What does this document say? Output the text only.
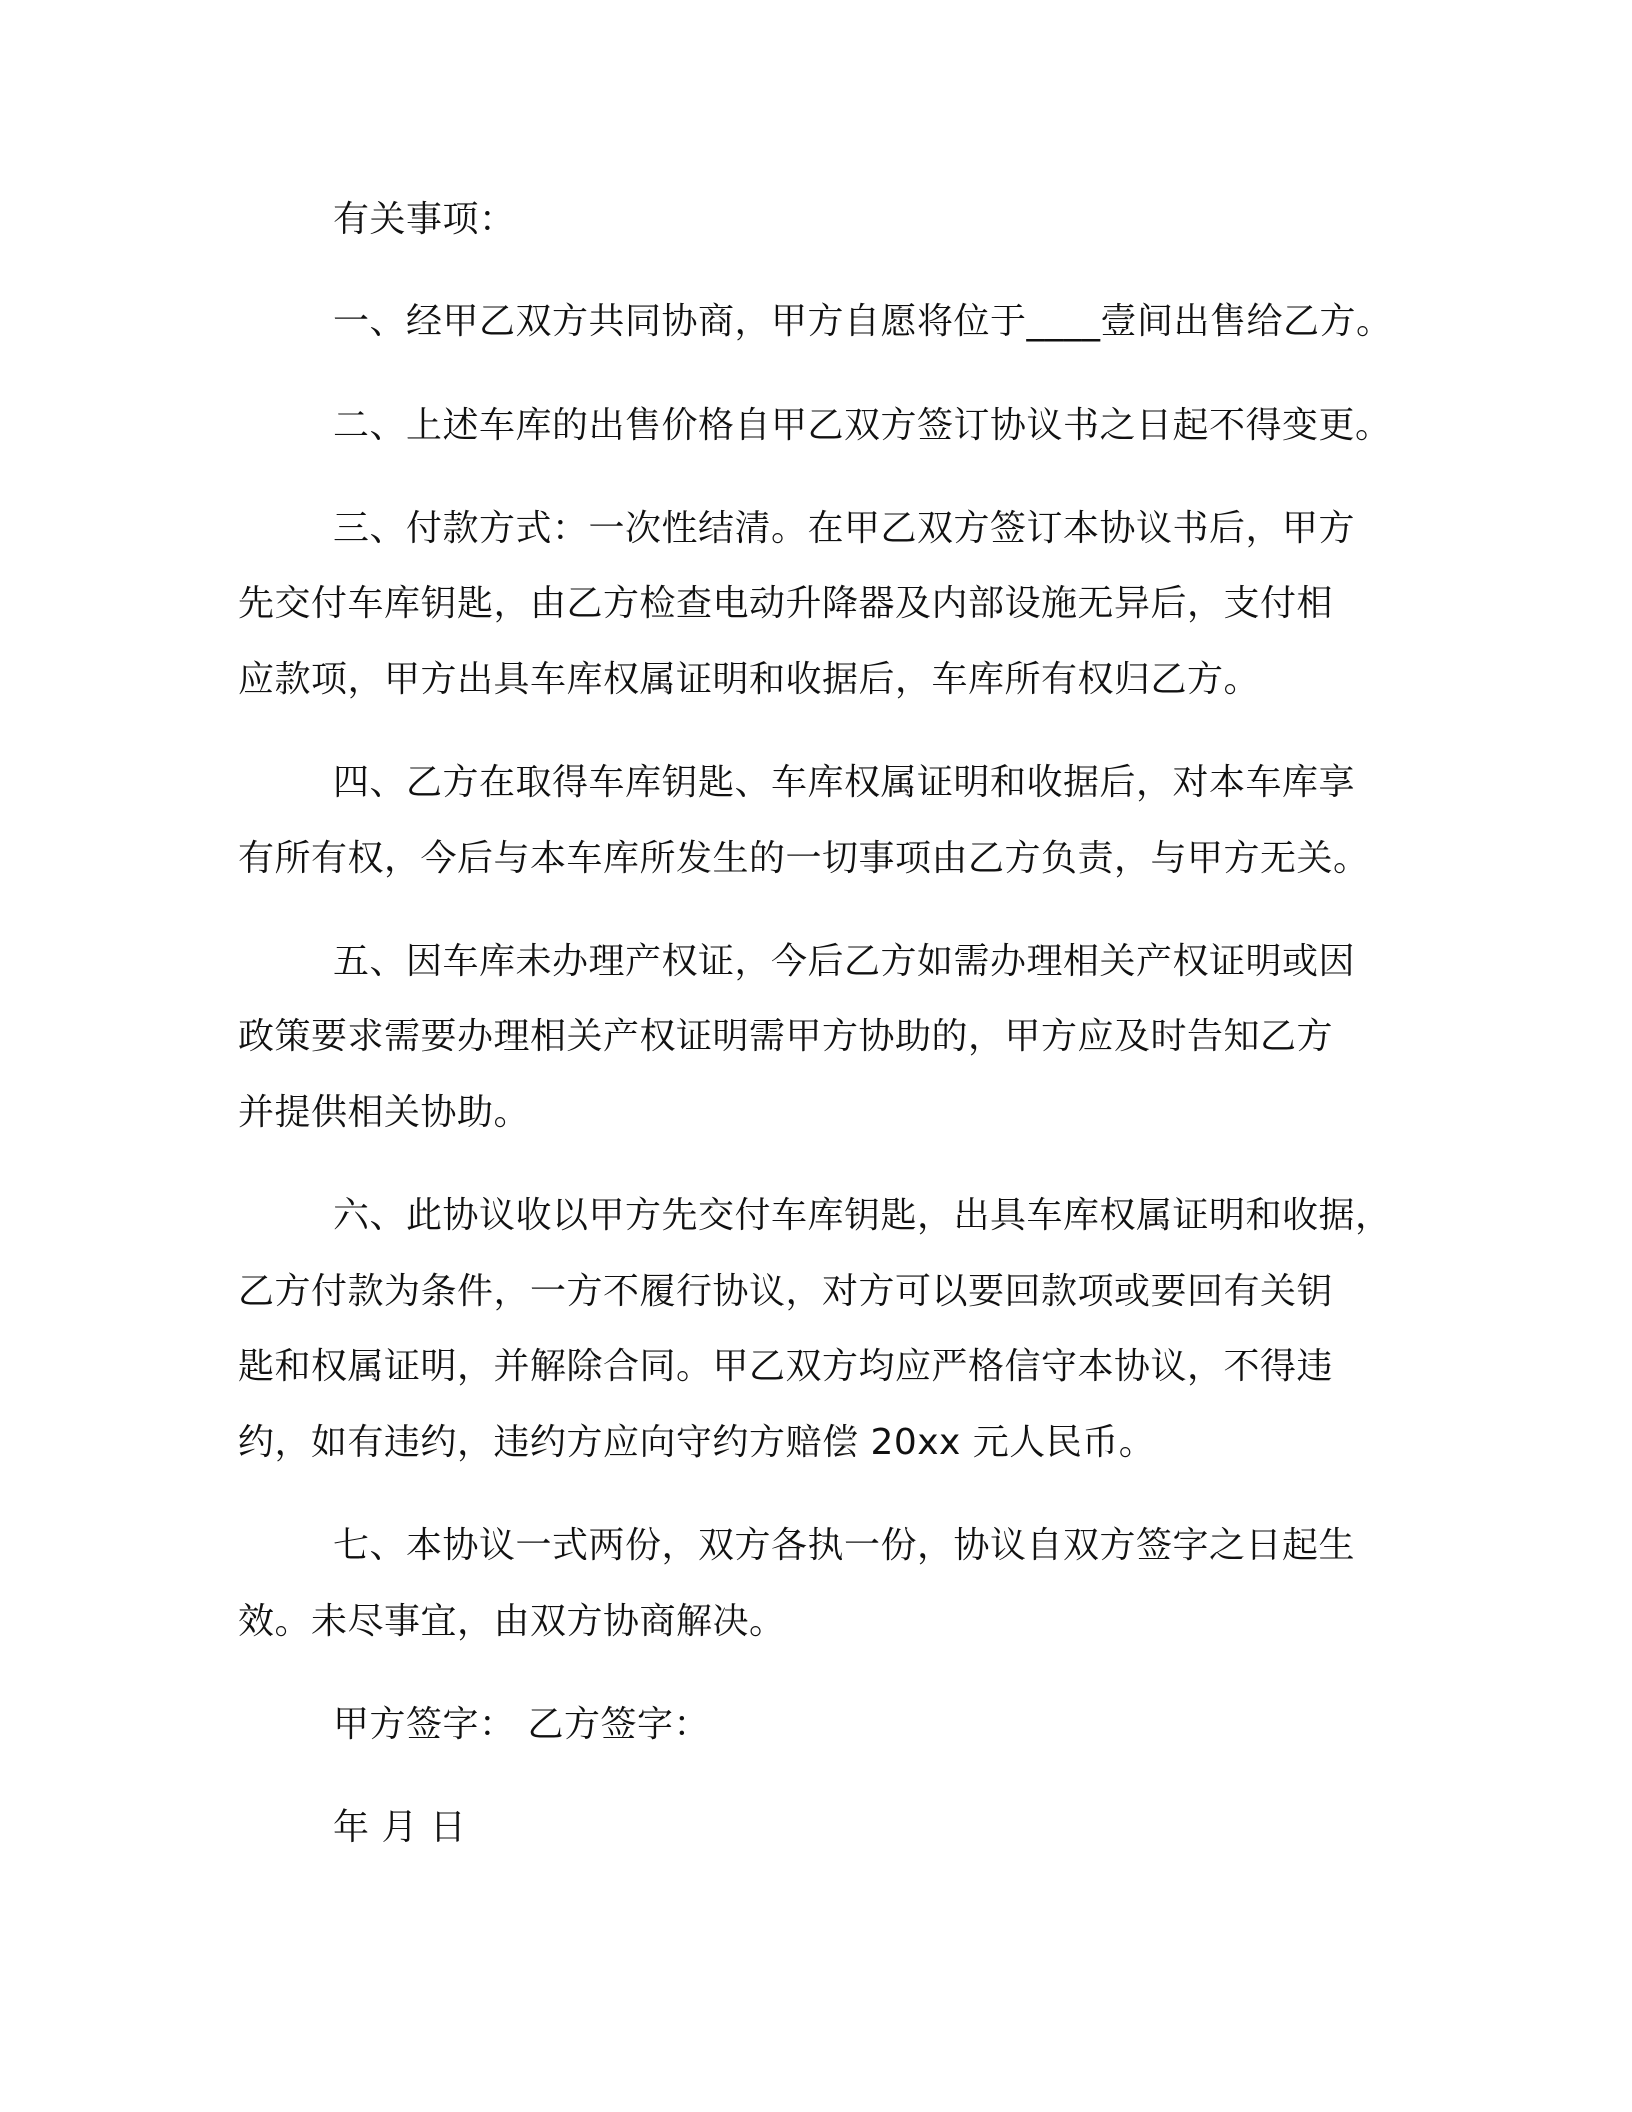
有关事项：
一、经甲乙双方共同协商，甲方自愿将位于____壹间出售给乙方。
二、上述车库的出售价格自甲乙双方签订协议书之日起不得变更。
三、付款方式：一次性结清。在甲乙双方签订本协议书后，甲方
先交付车库钥匙，由乙方检查电动升降器及内部设施无异后，支付相
应款项，甲方出具车库权属证明和收据后，车库所有权归乙方。
四、乙方在取得车库钥匙、车库权属证明和收据后，对本车库享
有所有权，今后与本车库所发生的一切事项由乙方负责，与甲方无关。
五、因车库未办理产权证，今后乙方如需办理相关产权证明或因
政策要求需要办理相关产权证明需甲方协助的，甲方应及时告知乙方
并提供相关协助。
六、此协议收以甲方先交付车库钥匙，出具车库权属证明和收据，
乙方付款为条件，一方不履行协议，对方可以要回款项或要回有关钥
匙和权属证明，并解除合同。甲乙双方均应严格信守本协议，不得违
约，如有违约，违约方应向守约方赔偿 20xx 元人民币。
七、本协议一式两份，双方各执一份，协议自双方签字之日起生
效。未尽事宜，由双方协商解决。
甲方签字： 乙方签字：
年 月 日
